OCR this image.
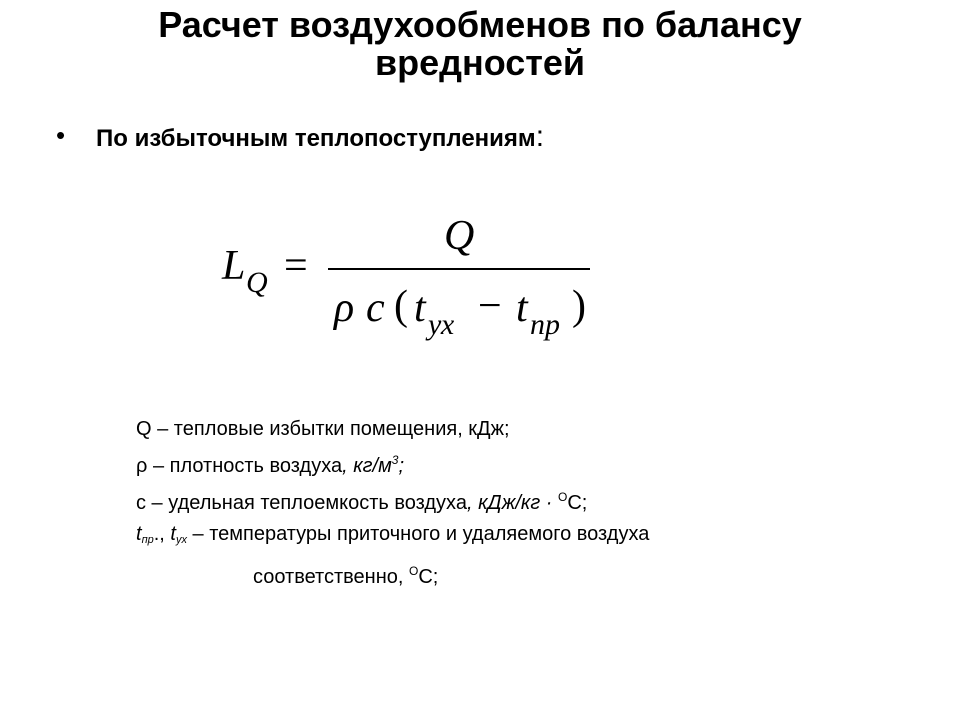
Расчет воздухообменов по балансу
вредностей
•	По избыточным теплопоступлениям :
L Q =
Q
ρ c ( t ух − t пр )
Q – тепловые избытки помещения, кДж;
ρ – плотность воздуха, $кг/м^3$;
с – удельная теплоемкость воздуха, кДж/кг · $^О$С;
tпр., tух – температуры приточного и удаляемого воздуха
соответственно, $^О$С;
